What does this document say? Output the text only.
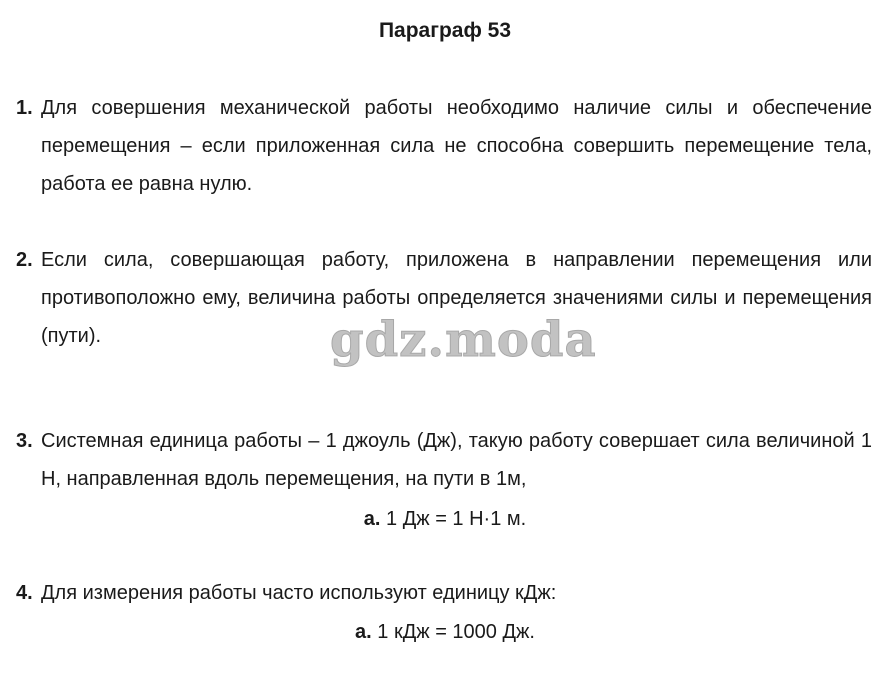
Параграф 53
1. Для совершения механической работы необходимо наличие силы и обеспечение перемещения – если приложенная сила не способна совершить перемещение тела, работа ее равна нулю.
2. Если сила, совершающая работу, приложена в направлении перемещения или противоположно ему, величина работы определяется значениями силы и перемещения (пути).
3. Системная единица работы – 1 джоуль (Дж), такую работу совершает сила величиной 1 Н, направленная вдоль перемещения, на пути в 1м,
а. 1 Дж = 1 Н·1 м.
4. Для измерения работы часто используют единицу кДж:
а. 1 кДж = 1000 Дж.
gdz.moda
